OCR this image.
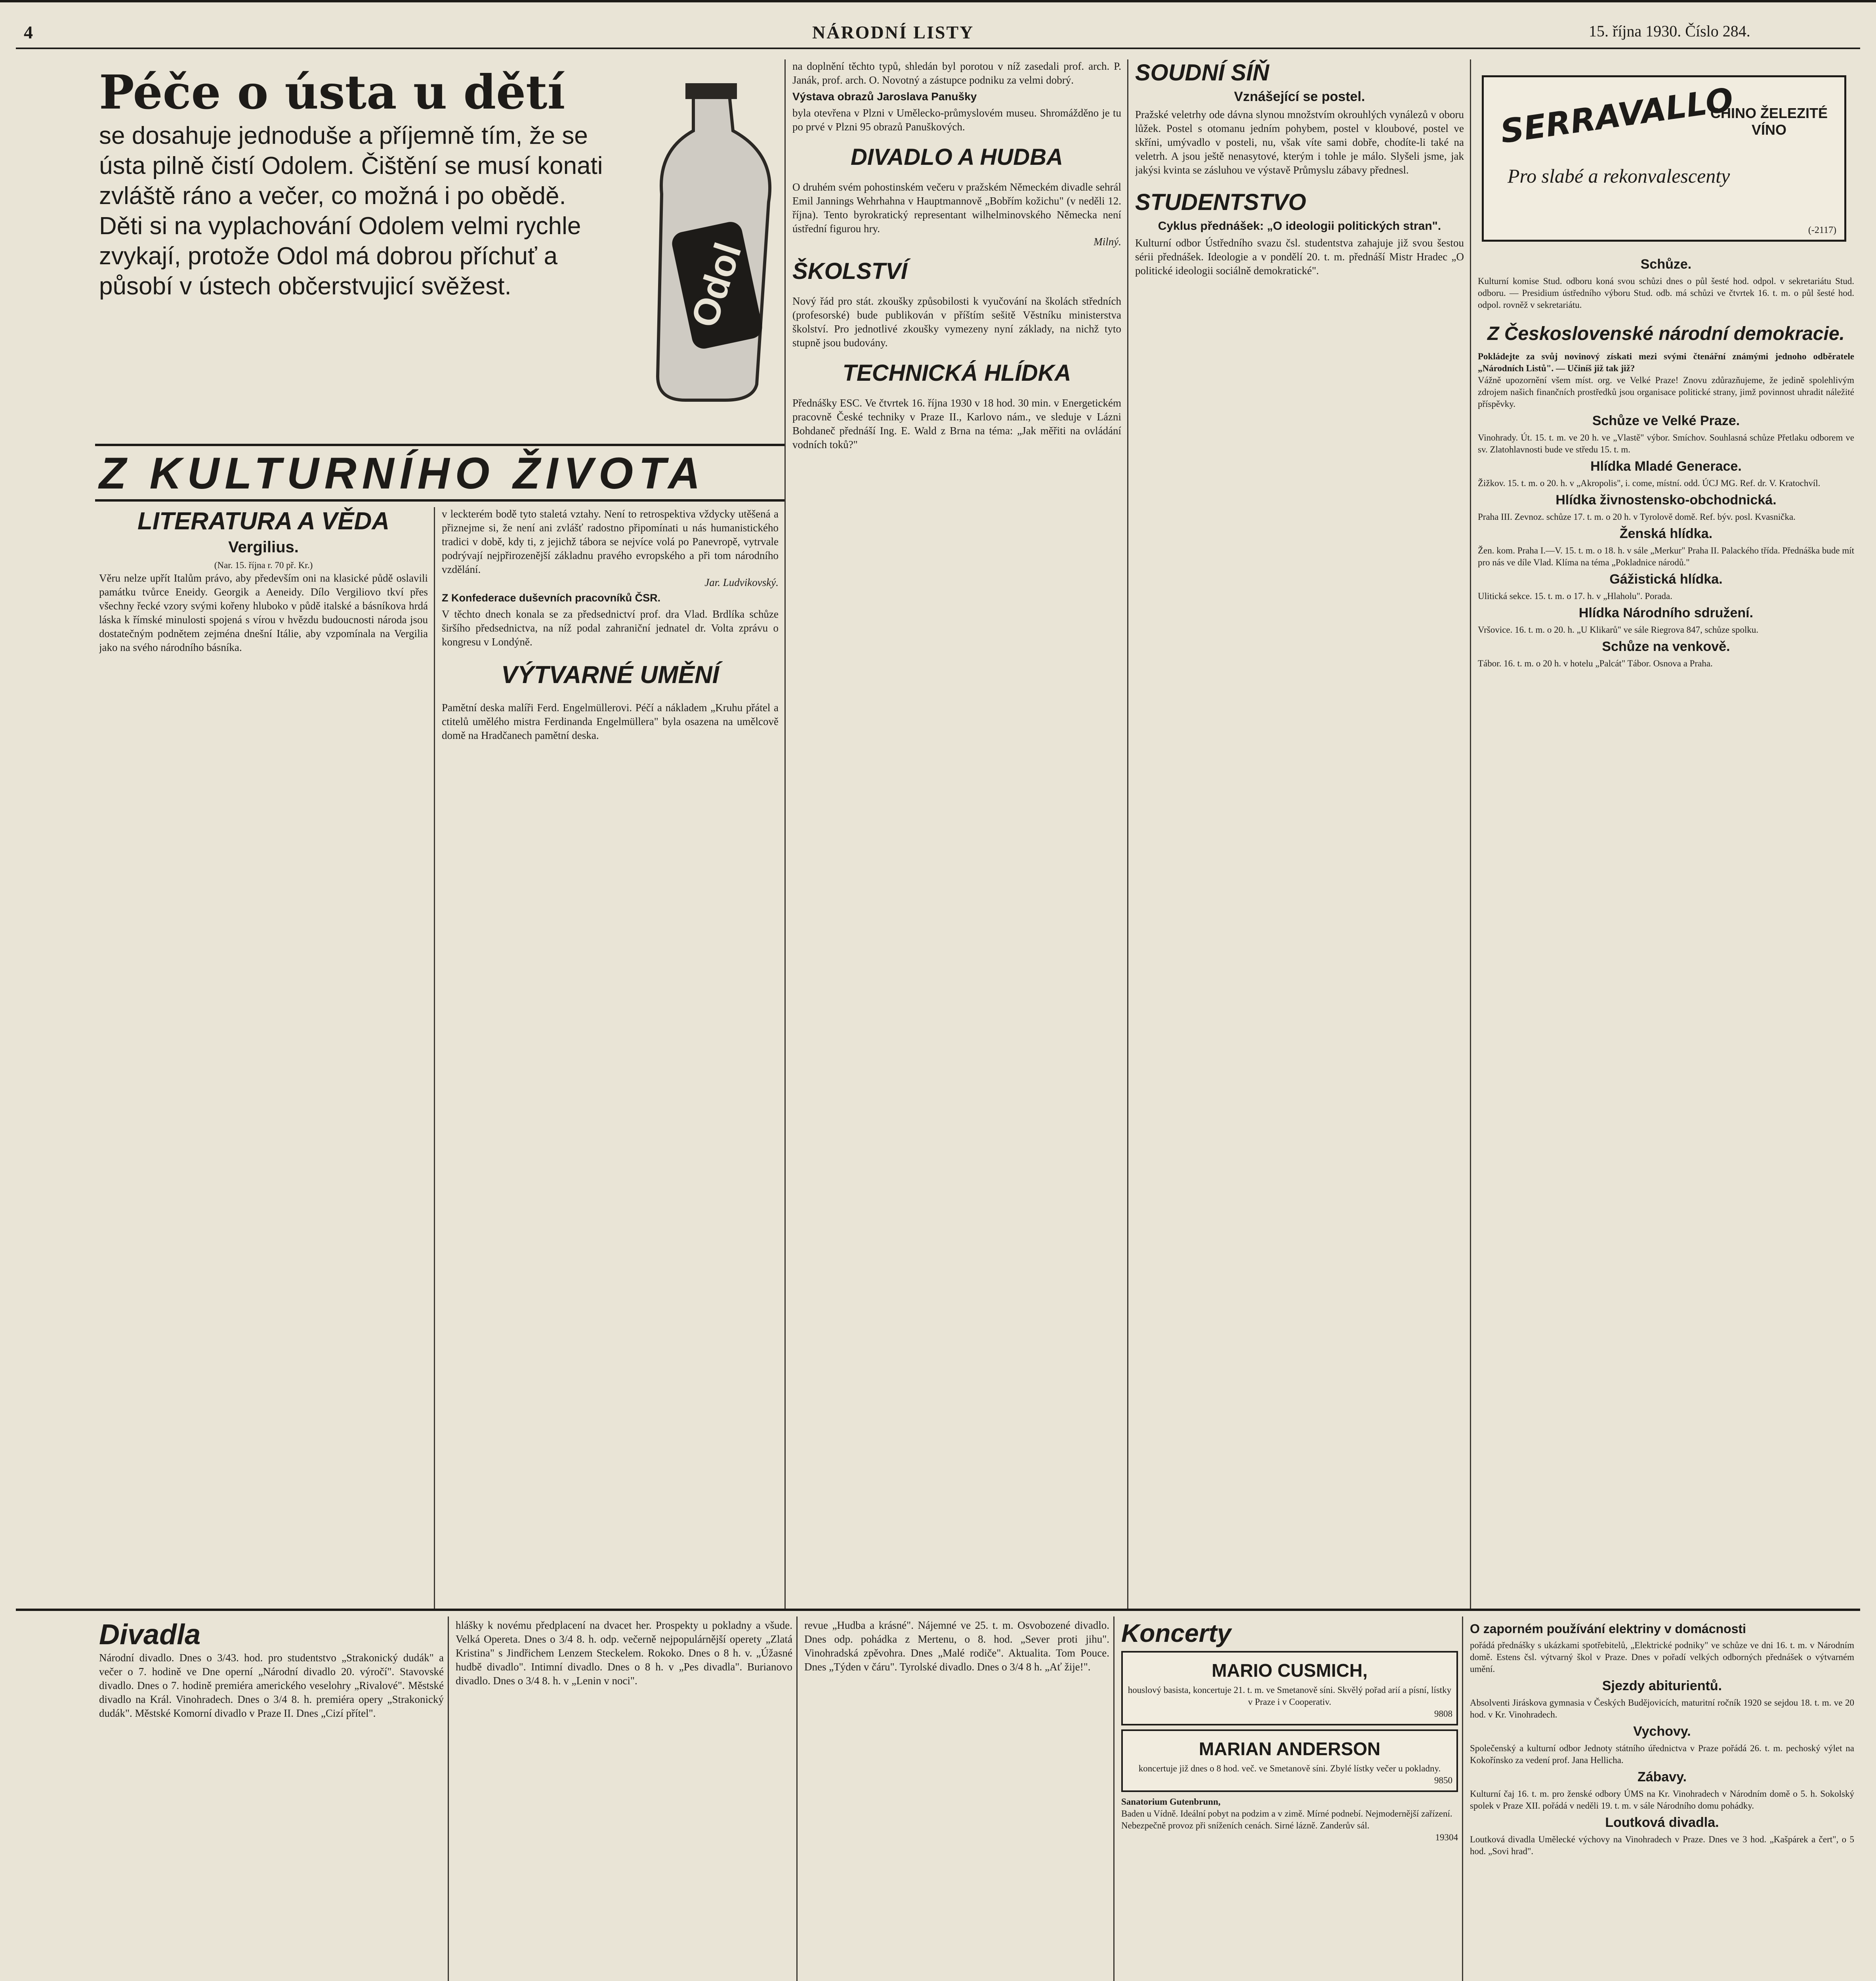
4	NÁRODNÍ LISTY	15. října 1930. Číslo 284.
Péče o ústa u dětí
se dosahuje jednoduše a příjemně tím, že se ústa pilně čistí Odolem. Čištění se musí konati zvláště ráno a večer, co možná i po obědě. Děti si na vyplachování Odolem velmi rychle zvykají, protože Odol má dobrou příchuť a působí v ústech občerstvujicí svěžest.	Odol
Z KULTURNÍHO ŽIVOTA
LITERATURA A VĚDA
Vergilius.
(Nar. 15. října r. 70 př. Kr.)
Věru nelze upřít Italům právo, aby především oni na klasické půdě oslavili památku tvůrce Eneidy. Georgik a Aeneidy. Dílo Vergiliovo tkví přes všechny řecké vzory svými kořeny hluboko v půdě italské a básníkova hrdá láska k římské minulosti spojená s vírou v hvězdu budoucnosti národa jsou dostatečným podnětem zejména dnešní Itálie, aby vzpomínala na Vergilia jako na svého národního básníka.
v leckterém bodě tyto staletá vztahy. Není to retrospektiva vždycky utěšená a přiznejme si, že není ani zvlášť radostno připomínati u nás humanistického tradici v době, kdy ti, z jejichž tábora se nejvíce volá po Panevropě, vytrvale podrývají nejpřirozenější základnu pravého evropského a při tom národního vzdělání.
Jar. Ludvikovský.
Z Konfederace duševních pracovníků ČSR.
V těchto dnech konala se za předsednictví prof. dra Vlad. Brdlíka schůze širšího předsednictva, na níž podal zahraniční jednatel dr. Volta zprávu o kongresu v Londýně.
VÝTVARNÉ UMĚNÍ
Pamětní deska malíři Ferd. Engelmüllerovi. Péčí a nákladem „Kruhu přátel a ctitelů umělého mistra Ferdinanda Engelmüllera" byla osazena na umělcově domě na Hradčanech pamětní deska.
na doplnění těchto typů, shledán byl porotou v níž zasedali prof. arch. P. Janák, prof. arch. O. Novotný a zástupce podniku za velmi dobrý.
Výstava obrazů Jaroslava Panušky
byla otevřena v Plzni v Umělecko-průmyslovém museu. Shromážděno je tu po prvé v Plzni 95 obrazů Panuškových.
DIVADLO A HUDBA
O druhém svém pohostinském večeru v pražském Německém divadle sehrál Emil Jannings Wehrhahna v Hauptmannově „Bobřím kožichu" (v neděli 12. října). Tento byrokratický representant wilhelminovského Německa není ústřední figurou hry.
Milný.
ŠKOLSTVÍ
Nový řád pro stát. zkoušky způsobilosti k vyučování na školách středních (profesorské) bude publikován v příštím sešitě Věstníku ministerstva školství. Pro jednotlivé zkoušky vymezeny nyní základy, na nichž tyto stupně jsou budovány.
TECHNICKÁ HLÍDKA
Přednášky ESC. Ve čtvrtek 16. října 1930 v 18 hod. 30 min. v Energetickém pracovně České techniky v Praze II., Karlovo nám., ve sleduje v Lázni Bohdaneč přednáší Ing. E. Wald z Brna na téma: „Jak měřiti na ovládání vodních toků?"
SOUDNÍ SÍŇ
Vznášející se postel.
Pražské veletrhy ode dávna slynou množstvím okrouhlých vynálezů v oboru lůžek. Postel s otomanu jedním pohybem, postel v kloubové, postel ve skříni, umývadlo v posteli, nu, však víte sami dobře, chodíte-li také na veletrh. A jsou ještě nenasytové, kterým i tohle je málo. Slyšeli jsme, jak jakýsi kvinta se zásluhou ve výstavě Průmyslu zábavy přednesl.
STUDENTSTVO
Cyklus přednášek: „O ideologii politických stran".
Kulturní odbor Ústředního svazu čsl. studentstva zahajuje již svou šestou sérii přednášek. Ideologie a v pondělí 20. t. m. přednáší Mistr Hradec „O politické ideologii sociálně demokratické".
SERRAVALLO
CHINO ŽELEZITÉ VÍNO
Pro slabé a rekonvalescenty
(-2117)
Schůze.
Kulturní komise Stud. odboru koná svou schůzi dnes o půl šesté hod. odpol. v sekretariátu Stud. odboru. — Presidium ústředního výboru Stud. odb. má schůzi ve čtvrtek 16. t. m. o půl šesté hod. odpol. rovněž v sekretariátu.
Z Československé národní demokracie.
Pokládejte za svůj novinový získati mezi svými čtenářní známými jednoho odběratele „Národních Listů". — Učiníš již tak již?
Vážně upozornění všem míst. org. ve Velké Praze! Znovu zdůrazňujeme, že jedině spolehlivým zdrojem našich finančních prostředků jsou organisace politické strany, jimž povinnost uhradit náležité příspěvky.
Schůze ve Velké Praze.
Vinohrady. Út. 15. t. m. ve 20 h. ve „Vlastě" výbor. Smíchov. Souhlasná schůze Přetlaku odborem ve sv. Zlatohlavnosti bude ve středu 15. t. m.
Hlídka Mladé Generace.
Žižkov. 15. t. m. o 20. h. v „Akropolis", i. come, místní. odd. ÚCJ MG. Ref. dr. V. Kratochvíl.
Hlídka živnostensko-obchodnická.
Praha III. Zevnoz. schůze 17. t. m. o 20 h. v Tyrolově domě. Ref. býv. posl. Kvasnička.
Ženská hlídka.
Žen. kom. Praha I.—V. 15. t. m. o 18. h. v sále „Merkur" Praha II. Palackého třída. Přednáška bude mít pro nás ve díle Vlad. Klíma na téma „Pokladnice národů."
Gážistická hlídka.
Ulitická sekce. 15. t. m. o 17. h. v „Hlaholu". Porada.
Hlídka Národního sdružení.
Vršovice. 16. t. m. o 20. h. „U Klikarů" ve sále Riegrova 847, schůze spolku.
Schůze na venkově.
Tábor. 16. t. m. o 20 h. v hotelu „Palcát" Tábor. Osnova a Praha.
Divadla
Národní divadlo. Dnes o 3/43. hod. pro studentstvo „Strakonický dudák" a večer o 7. hodině ve Dne operní „Národní divadlo 20. výročí". Stavovské divadlo. Dnes o 7. hodině premiéra amerického veselohry „Rivalové". Městské divadlo na Král. Vinohradech. Dnes o 3/4 8. h. premiéra opery „Strakonický dudák". Městské Komorní divadlo v Praze II. Dnes „Cizí přítel".
hlášky k novému předplacení na dvacet her. Prospekty u pokladny a všude. Velká Opereta. Dnes o 3/4 8. h. odp. večerně nejpopulárnější operety „Zlatá Kristina" s Jindřichem Lenzem Steckelem. Rokoko. Dnes o 8 h. v. „Úžasné hudbě divadlo". Intimní divadlo. Dnes o 8 h. v „Pes divadla". Burianovo divadlo. Dnes o 3/4 8. h. v „Lenin v noci".
revue „Hudba a krásné". Nájemné ve 25. t. m. Osvobozené divadlo. Dnes odp. pohádka z Mertenu, o 8. hod. „Sever proti jihu". Vinohradská zpěvohra. Dnes „Malé rodiče". Aktualita. Tom Pouce. Dnes „Týden v čáru". Tyrolské divadlo. Dnes o 3/4 8 h. „Ať žije!".
Koncerty
MARIO CUSMICH,
houslový basista, koncertuje 21. t. m. ve Smetanově síni. Skvělý pořad arií a písní, lístky v Praze i v Cooperativ.
9808
MARIAN ANDERSON
koncertuje již dnes o 8 hod. več. ve Smetanově síni. Zbylé lístky večer u pokladny.
9850
Sanatorium Gutenbrunn,
Baden u Vídně. Ideální pobyt na podzim a v zimě. Mírné podnebí. Nejmodernější zařízení. Nebezpečně provoz při sníženích cenách. Sirné lázně. Zanderův sál.
19304
O zaporném používání elektriny v domácnosti
pořádá přednášky s ukázkami spotřebitelů, „Elektrické podniky" ve schůze ve dni 16. t. m. v Národním domě. Estens čsl. výtvarný škol v Praze. Dnes v pořadí velkých odborných přednášek o výtvarném umění.
Sjezdy abiturientů.
Absolventi Jiráskova gymnasia v Českých Budějovicích, maturitní ročník 1920 se sejdou 18. t. m. ve 20 hod. v Kr. Vinohradech.
Vychovy.
Společenský a kulturní odbor Jednoty státního úřednictva v Praze pořádá 26. t. m. pechoský výlet na Kokořínsko za vedení prof. Jana Hellicha.
Zábavy.
Kulturní čaj 16. t. m. pro ženské odbory ÚMS na Kr. Vinohradech v Národním domě o 5. h. Sokolský spolek v Praze XII. pořádá v neděli 19. t. m. v sále Národního domu pohádky.
Loutková divadla.
Loutková divadla Umělecké výchovy na Vinohradech v Praze. Dnes ve 3 hod. „Kašpárek a čert", o 5 hod. „Sovi hrad".
